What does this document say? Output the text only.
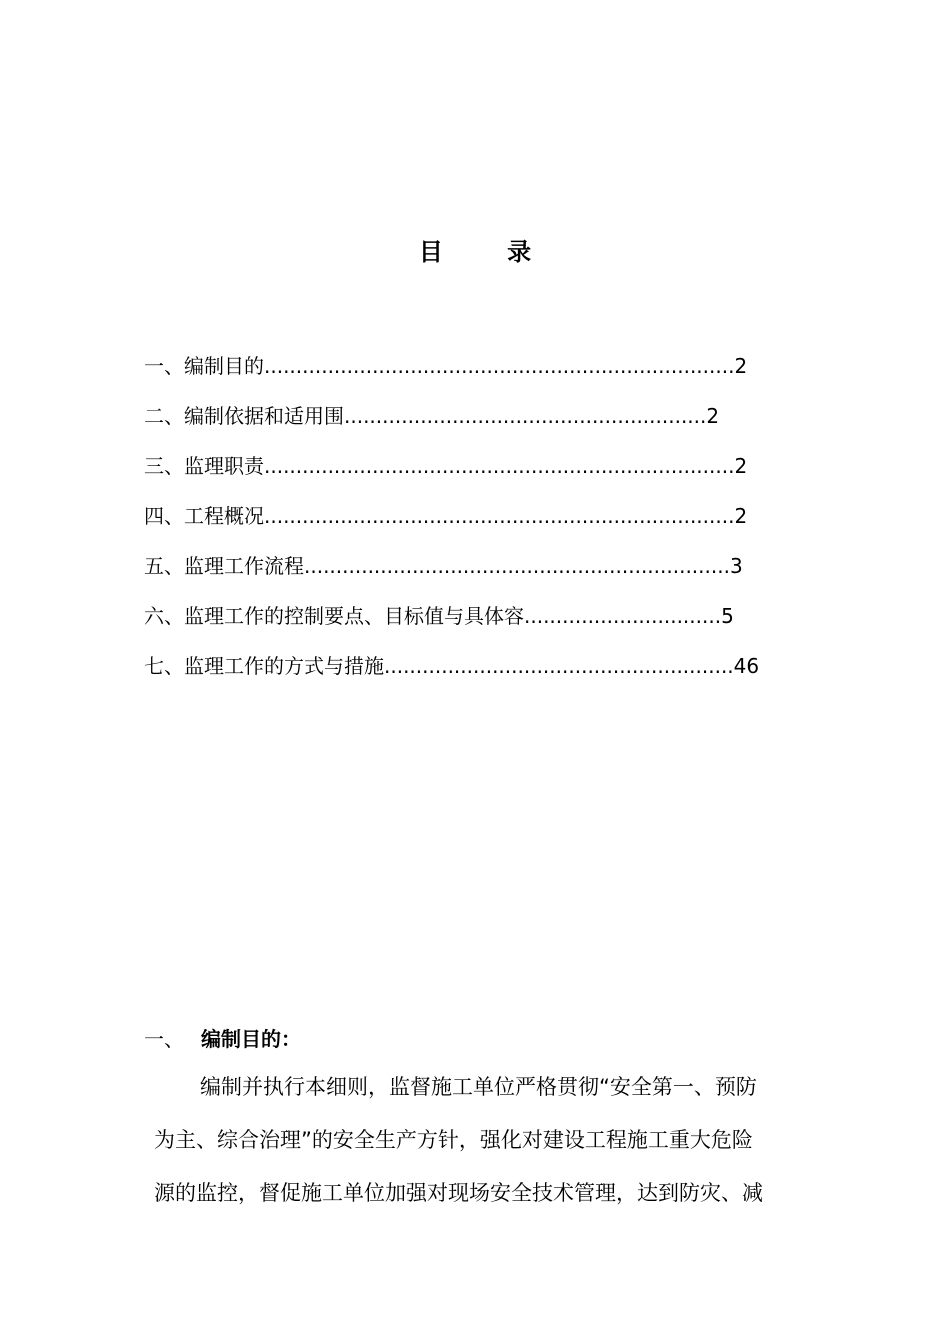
目 录
一、编制目的..........................................................................2
二、编制依据和适用围.........................................................2
三、监理职责..........................................................................2
四、工程概况..........................................................................2
五、监理工作流程...................................................................3
六、监理工作的控制要点、目标值与具体容...............................5
七、监理工作的方式与措施.......................................................46
一、 编制目的：
编制并执行本细则，监督施工单位严格贯彻“安全第一、预防
为主、综合治理”的安全生产方针，强化对建设工程施工重大危险
源的监控，督促施工单位加强对现场安全技术管理，达到防灾、减
